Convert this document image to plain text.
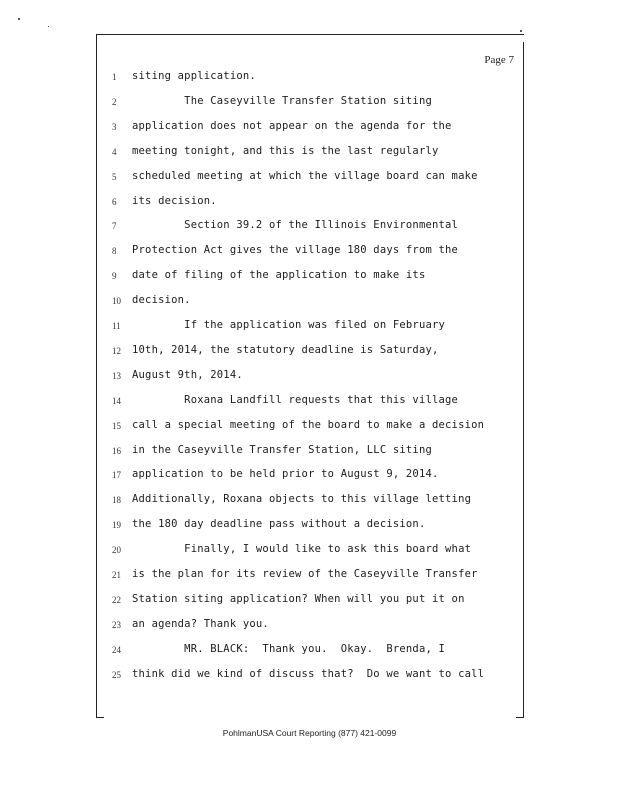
Page 7
1	siting application.
2	The Caseyville Transfer Station siting
3	application does not appear on the agenda for the
4	meeting tonight, and this is the last regularly
5	scheduled meeting at which the village board can make
6	its decision.
7	Section 39.2 of the Illinois Environmental
8	Protection Act gives the village 180 days from the
9	date of filing of the application to make its
10	decision.
11	If the application was filed on February
12	10th, 2014, the statutory deadline is Saturday,
13	August 9th, 2014.
14	Roxana Landfill requests that this village
15	call a special meeting of the board to make a decision
16	in the Caseyville Transfer Station, LLC siting
17	application to be held prior to August 9, 2014.
18	Additionally, Roxana objects to this village letting
19	the 180 day deadline pass without a decision.
20	Finally, I would like to ask this board what
21	is the plan for its review of the Caseyville Transfer
22	Station siting application? When will you put it on
23	an agenda? Thank you.
24	MR. BLACK:  Thank you.  Okay.  Brenda, I
25	think did we kind of discuss that?  Do we want to call
PohlmanUSA Court Reporting (877) 421-0099
